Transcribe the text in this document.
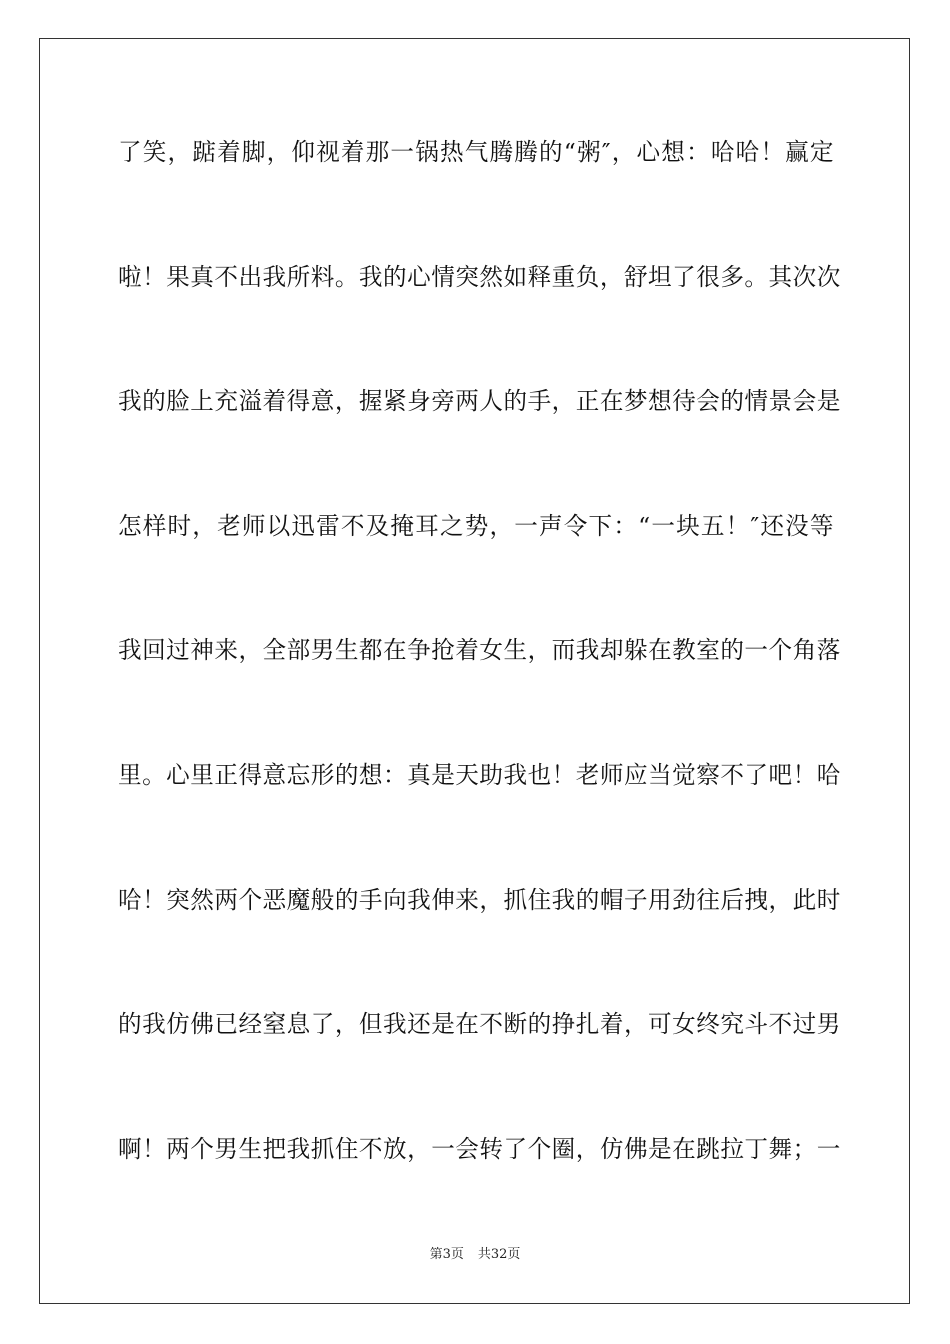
了笑，踮着脚，仰视着那一锅热气腾腾的“粥″，心想：哈哈！赢定
啦！果真不出我所料。我的心情突然如释重负，舒坦了很多。其次次
我的脸上充溢着得意，握紧身旁两人的手，正在梦想待会的情景会是
怎样时，老师以迅雷不及掩耳之势，一声令下：“一块五！″还没等
我回过神来，全部男生都在争抢着女生，而我却躲在教室的一个角落
里。心里正得意忘形的想：真是天助我也！老师应当觉察不了吧！哈
哈！突然两个恶魔般的手向我伸来，抓住我的帽子用劲往后拽，此时
的我仿佛已经窒息了，但我还是在不断的挣扎着，可女终究斗不过男
啊！两个男生把我抓住不放，一会转了个圈，仿佛是在跳拉丁舞；一
第3页 共32页
